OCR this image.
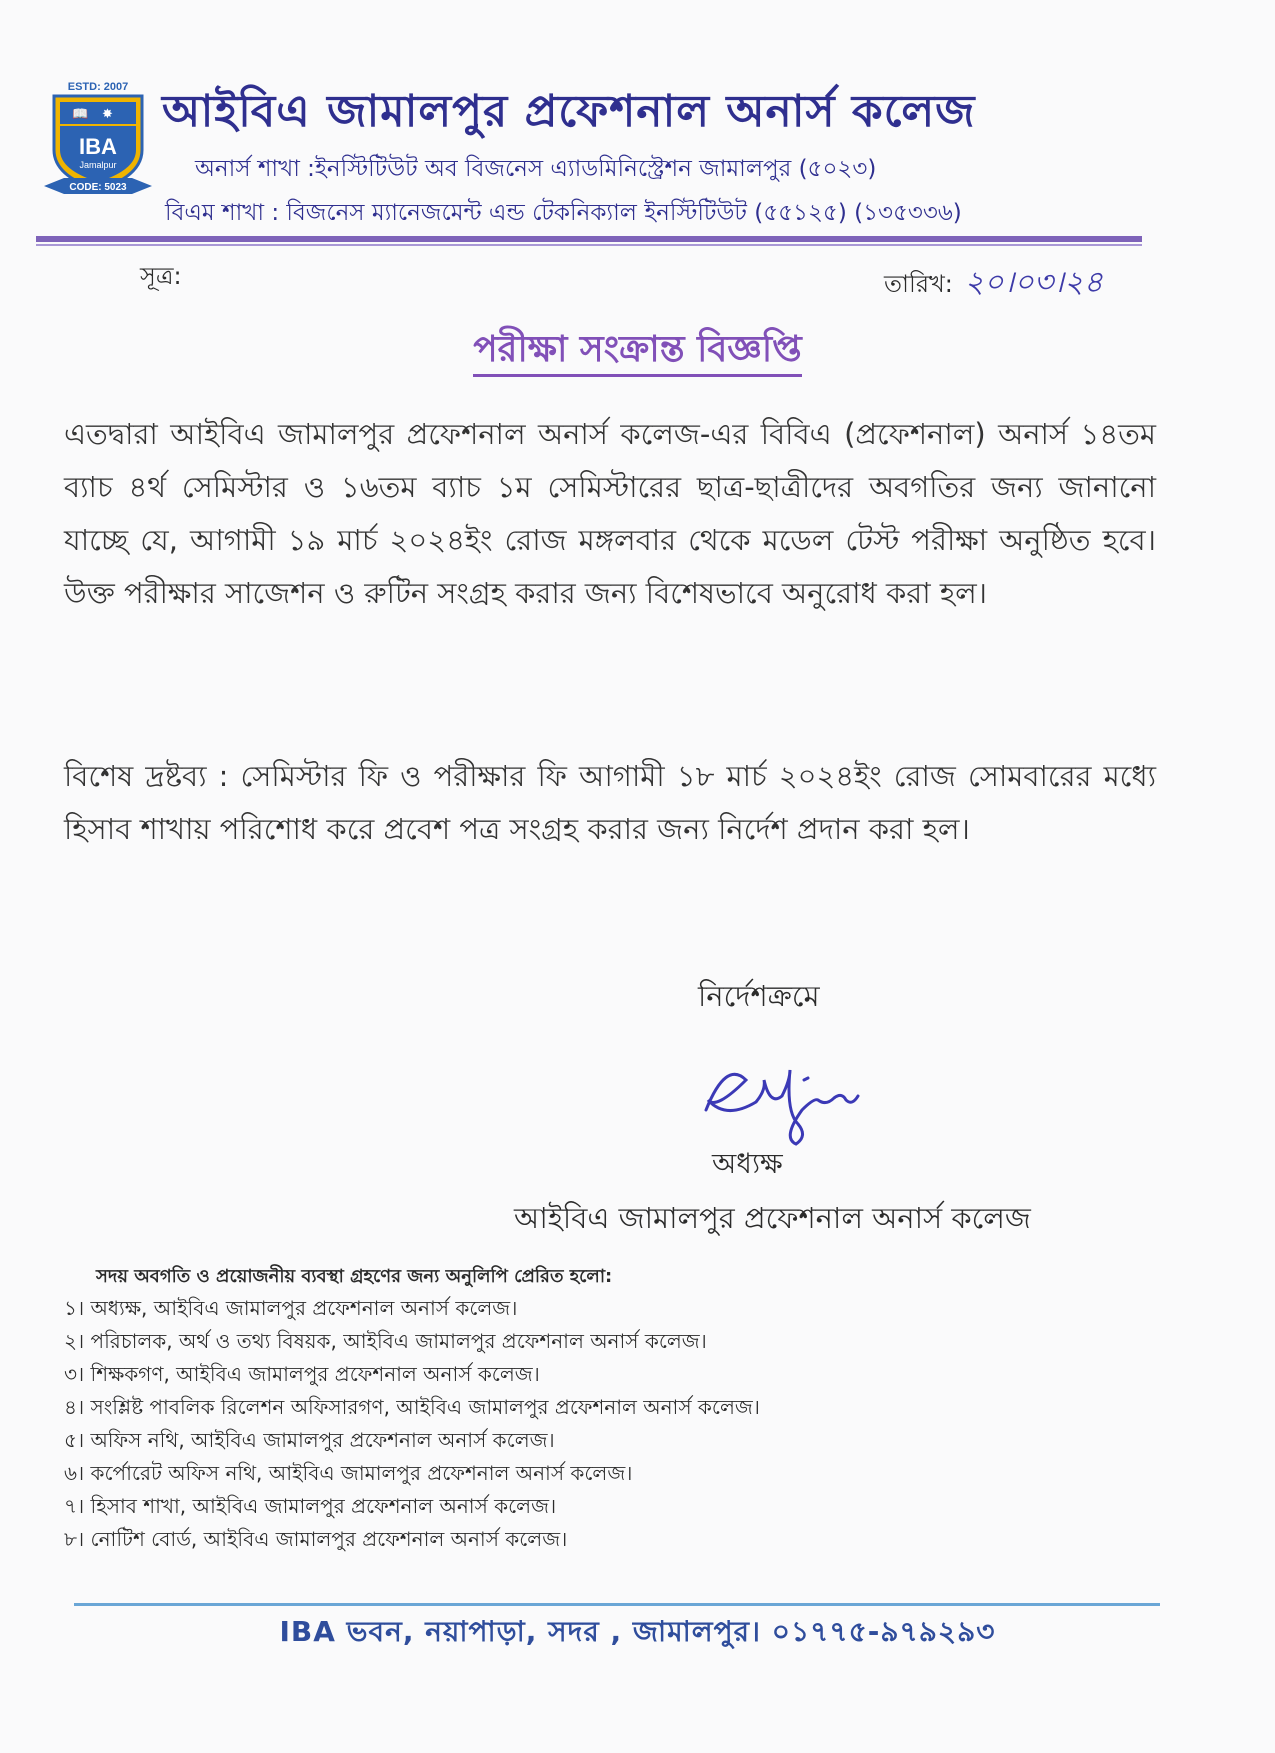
ESTD: 2007
📖 ✸
IBA
Jamalpur
CODE: 5023
আইবিএ জামালপুর প্রফেশনাল অনার্স কলেজ
অনার্স শাখা :ইনস্টিটিউট অব বিজনেস এ্যাডমিনিস্ট্রেশন জামালপুর (৫০২৩)
বিএম শাখা : বিজনেস ম্যানেজমেন্ট এন্ড টেকনিক্যাল ইনস্টিটিউট (৫৫১২৫) (১৩৫৩৩৬)
সূত্র:	তারিখ: ২০।০৩।২৪
পরীক্ষা সংক্রান্ত বিজ্ঞপ্তি

এতদ্বারা আইবিএ জামালপুর প্রফেশনাল অনার্স কলেজ-এর বিবিএ (প্রফেশনাল) অনার্স ১৪তম ব্যাচ ৪র্থ সেমিস্টার ও ১৬তম ব্যাচ ১ম সেমিস্টারের ছাত্র-ছাত্রীদের অবগতির জন্য জানানো যাচ্ছে যে, আগামী ১৯ মার্চ ২০২৪ইং রোজ মঙ্গলবার থেকে মডেল টেস্ট পরীক্ষা অনুষ্ঠিত হবে। উক্ত পরীক্ষার সাজেশন ও রুটিন সংগ্রহ করার জন্য বিশেষভাবে অনুরোধ করা হল।

বিশেষ দ্রষ্টব্য : সেমিস্টার ফি ও পরীক্ষার ফি আগামী ১৮ মার্চ ২০২৪ইং রোজ সোমবারের মধ্যে হিসাব শাখায় পরিশোধ করে প্রবেশ পত্র সংগ্রহ করার জন্য নির্দেশ প্রদান করা হল।

নির্দেশক্রমে
অধ্যক্ষ
আইবিএ জামালপুর প্রফেশনাল অনার্স কলেজ
সদয় অবগতি ও প্রয়োজনীয় ব্যবস্থা গ্রহণের জন্য অনুলিপি প্রেরিত হলো:
১। অধ্যক্ষ, আইবিএ জামালপুর প্রফেশনাল অনার্স কলেজ।
২। পরিচালক, অর্থ ও তথ্য বিষয়ক, আইবিএ জামালপুর প্রফেশনাল অনার্স কলেজ।
৩। শিক্ষকগণ, আইবিএ জামালপুর প্রফেশনাল অনার্স কলেজ।
৪। সংশ্লিষ্ট পাবলিক রিলেশন অফিসারগণ, আইবিএ জামালপুর প্রফেশনাল অনার্স কলেজ।
৫। অফিস নথি, আইবিএ জামালপুর প্রফেশনাল অনার্স কলেজ।
৬। কর্পোরেট অফিস নথি, আইবিএ জামালপুর প্রফেশনাল অনার্স কলেজ।
৭। হিসাব শাখা, আইবিএ জামালপুর প্রফেশনাল অনার্স কলেজ।
৮। নোটিশ বোর্ড, আইবিএ জামালপুর প্রফেশনাল অনার্স কলেজ।
IBA ভবন, নয়াপাড়া, সদর , জামালপুর। ০১৭৭৫-৯৭৯২৯৩
